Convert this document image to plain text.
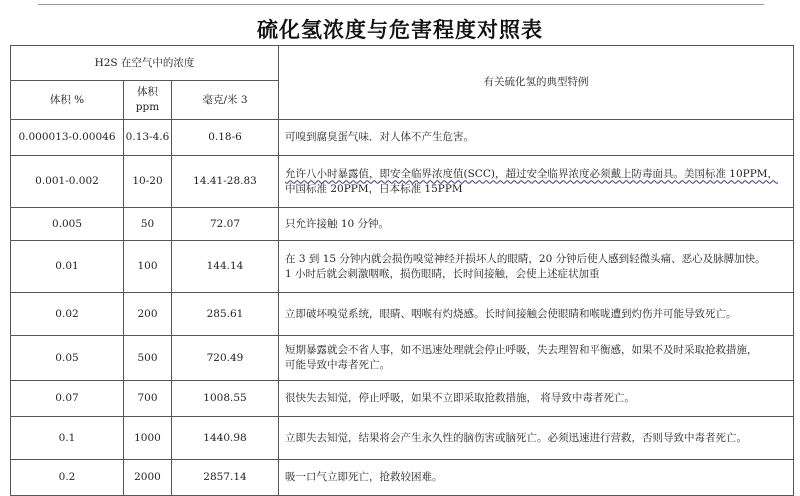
硫化氢浓度与危害程度对照表
H2S 在空气中的浓度			有关硫化氢的典型特例
体积 %	体积 ppm	毫克/米 3	
0.000013-0.00046	0.13-4.6	0.18-6	可嗅到腐臭蛋气味．对人体不产生危害。

0.001-0.002	10-20	14.41-28.83	允许八小时暴露值，即安全临界浓度值(SCC)，超过安全临界浓度必须戴上防毒面具。美国标准 10PPM，
中国标准 20PPM，日本标准 15PPM

0.005	50	72.07	只允许接触 10 分钟。

0.01	100	144.14	在 3 到 15 分钟内就会损伤嗅觉神经并损坏人的眼睛，20 分钟后使人感到轻微头痛、恶心及脉膊加快。
1 小时后就会刺激咽喉，损伤眼睛，长时间接触，会使上述症状加重

0.02	200	285.61	立即破坏嗅觉系统，眼睛、咽喉有灼烧感。长时间接触会使眼睛和喉咙遭到灼伤并可能导致死亡。

0.05	500	720.49	短期暴露就会不省人事，如不迅速处理就会停止呼吸，失去理智和平衡感，如果不及时采取抢救措施，
可能导致中毒者死亡。

0.07	700	1008.55	很快失去知觉，停止呼吸，如果不立即采取抢救措施， 将导致中毒者死亡。

0.1	1000	1440.98	立即失去知觉，结果将会产生永久性的脑伤害或脑死亡。必须迅速进行营救，否则导致中毒者死亡。

0.2	2000	2857.14	吸一口气立即死亡，抢救较困难。
